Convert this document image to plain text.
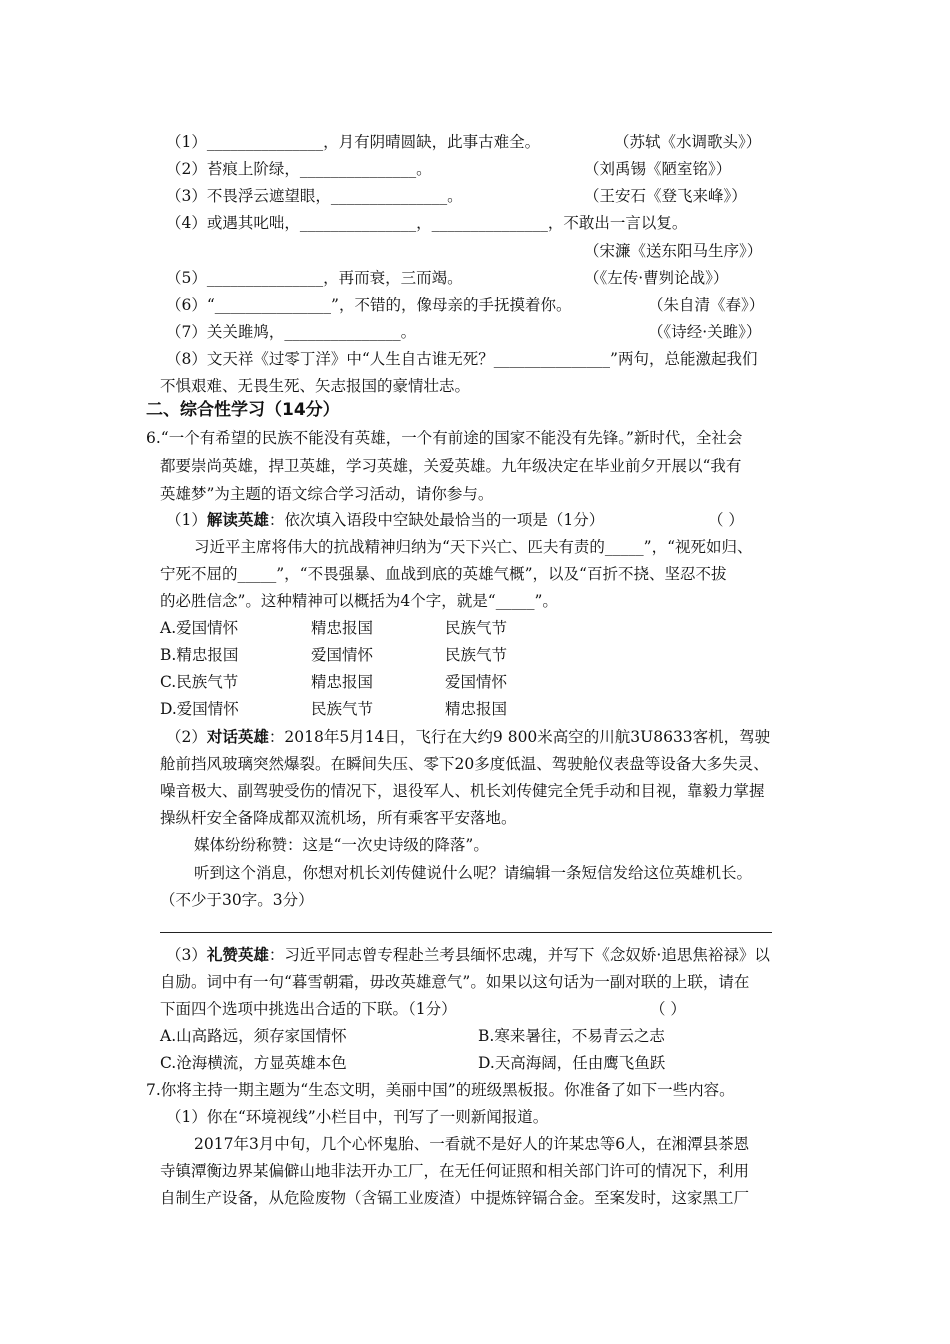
（1）_______________，月有阴晴圆缺，此事古难全。	（苏轼《水调歌头》）
（2）苔痕上阶绿，_______________。	（刘禹锡《陋室铭》）
（3）不畏浮云遮望眼，_______________。	（王安石《登飞来峰》）
（4）或遇其叱咄，_______________，_______________，不敢出一言以复。
（宋濂《送东阳马生序》）
（5）_______________，再而衰，三而竭。	（《左传·曹刿论战》）
（6）“_______________”，不错的，像母亲的手抚摸着你。	（朱自清《春》）
（7）关关雎鸠，_______________。	（《诗经·关雎》）
（8）文天祥《过零丁洋》中“人生自古谁无死？_______________”两句，总能激起我们
不惧艰难、无畏生死、矢志报国的豪情壮志。
二、综合性学习（14分）
6.“一个有希望的民族不能没有英雄，一个有前途的国家不能没有先锋。”新时代，全社会
都要崇尚英雄，捍卫英雄，学习英雄，关爱英雄。九年级决定在毕业前夕开展以“我有
英雄梦”为主题的语文综合学习活动，请你参与。
（1）解读英雄：依次填入语段中空缺处最恰当的一项是（1分）	（ ）
习近平主席将伟大的抗战精神归纳为“天下兴亡、匹夫有责的_____”，“视死如归、
宁死不屈的_____”，“不畏强暴、血战到底的英雄气概”，以及“百折不挠、坚忍不拔
的必胜信念”。这种精神可以概括为4个字，就是“_____”。
A.爱国情怀	精忠报国	民族气节
B.精忠报国	爱国情怀	民族气节
C.民族气节	精忠报国	爱国情怀
D.爱国情怀	民族气节	精忠报国
（2）对话英雄：2018年5月14日，飞行在大约9 800米高空的川航3U8633客机，驾驶
舱前挡风玻璃突然爆裂。在瞬间失压、零下20多度低温、驾驶舱仪表盘等设备大多失灵、
噪音极大、副驾驶受伤的情况下，退役军人、机长刘传健完全凭手动和目视，靠毅力掌握
操纵杆安全备降成都双流机场，所有乘客平安落地。
媒体纷纷称赞：这是“一次史诗级的降落”。
听到这个消息，你想对机长刘传健说什么呢？请编辑一条短信发给这位英雄机长。
（不少于30字。3分）
（3）礼赞英雄：习近平同志曾专程赴兰考县缅怀忠魂，并写下《念奴娇·追思焦裕禄》以
自励。词中有一句“暮雪朝霜，毋改英雄意气”。如果以这句话为一副对联的上联，请在
下面四个选项中挑选出合适的下联。（1分）	（ ）
A.山高路远，须存家国情怀	B.寒来暑往，不易青云之志
C.沧海横流，方显英雄本色	D.天高海阔，任由鹰飞鱼跃
7.你将主持一期主题为“生态文明，美丽中国”的班级黑板报。你准备了如下一些内容。
（1）你在“环境视线”小栏目中，刊写了一则新闻报道。
2017年3月中旬，几个心怀鬼胎、一看就不是好人的许某忠等6人，在湘潭县茶恩
寺镇潭衡边界某偏僻山地非法开办工厂，在无任何证照和相关部门许可的情况下，利用
自制生产设备，从危险废物（含镉工业废渣）中提炼锌镉合金。至案发时，这家黑工厂
